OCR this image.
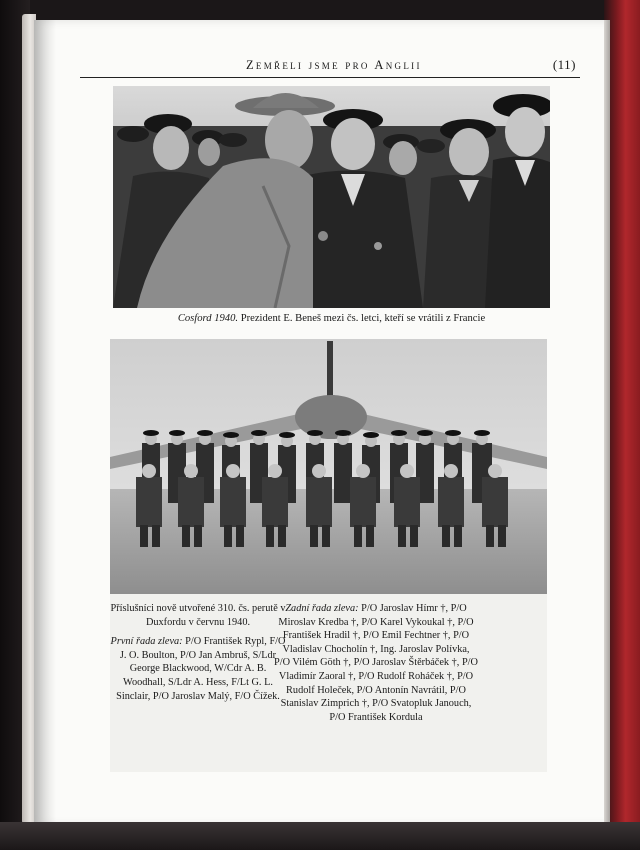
Zemřeli jsme pro Anglii	(11)

Cosford 1940. Prezident E. Beneš mezi čs. letci, kteří se vrátili z Francie

Příslušníci nově utvořené 310. čs. perutě v Duxfordu v červnu 1940.

První řada zleva: P/O František Rypl, F/O J. O. Boulton, P/O Jan Ambruš, S/Ldr George Blackwood, W/Cdr A. B. Woodhall, S/Ldr A. Hess, F/Lt G. L. Sinclair, P/O Jaroslav Malý, F/O Čížek.

Zadní řada zleva: P/O Jaroslav Hímr †, P/O Miroslav Kredba †, P/O Karel Vykoukal †, P/O František Hradil †, P/O Emil Fechtner †, P/O Vladislav Chocholín †, Ing. Jaroslav Polívka, P/O Vilém Göth †, P/O Jaroslav Štěrbáček †, P/O Vladimír Zaoral †, P/O Rudolf Roháček †, P/O Rudolf Holeček, P/O Antonín Navrátil, P/O Stanislav Zimprich †, P/O Svatopluk Janouch, P/O František Kordula
